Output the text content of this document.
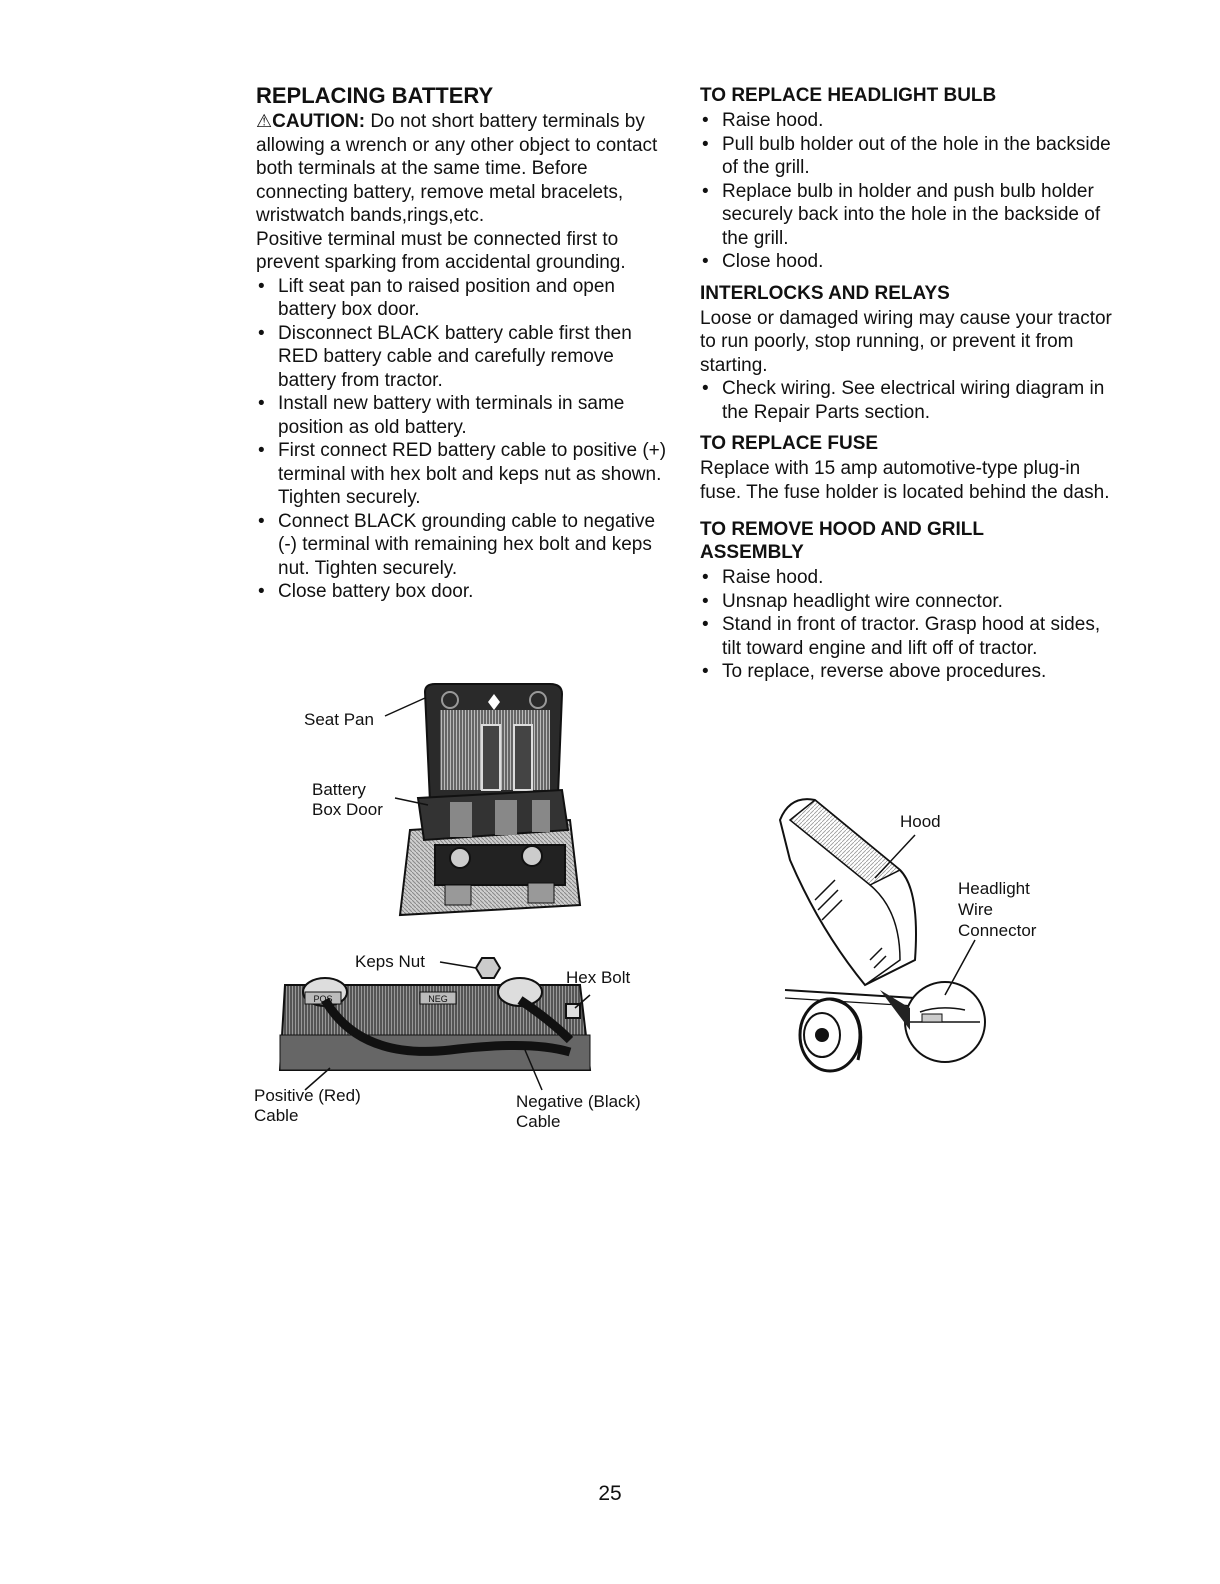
REPLACING BATTERY

⚠CAUTION: Do not short battery terminals by allowing a wrench or any other object to contact both terminals at the same time. Before connecting battery, remove metal bracelets, wristwatch bands,rings,etc.

Positive terminal must be connected first to prevent sparking from accidental grounding.

• Lift seat pan to raised position and open battery box door.
• Disconnect BLACK battery cable first then RED battery cable and carefully remove battery from tractor.
• Install new battery with terminals in same position as old battery.
• First connect RED battery cable to positive (+) terminal with hex bolt and keps nut as shown. Tighten securely.
• Connect BLACK grounding cable to negative (-) terminal with remaining hex bolt and keps nut. Tighten securely.
• Close battery box door.
TO REPLACE HEADLIGHT BULB
• Raise hood.
• Pull bulb holder out of the hole in the backside of the grill.
• Replace bulb in holder and push bulb holder securely back into the hole in the backside of the grill.
• Close hood.
INTERLOCKS AND RELAYS

Loose or damaged wiring may cause your tractor to run poorly, stop running, or prevent it from starting.

• Check wiring. See electrical wiring diagram in the Repair Parts section.
TO REPLACE FUSE

Replace with 15 amp automotive-type plug-in fuse. The fuse holder is located behind the dash.

TO REMOVE HOOD AND GRILL
ASSEMBLY
• Raise hood.
• Unsnap headlight wire connector.
• Stand in front of tractor. Grasp hood at sides, tilt toward engine and lift off of tractor.
• To replace, reverse above procedures.
Seat Pan
Battery
Box Door
POS	NEG
Keps Nut
Hex Bolt
Positive (Red)
Cable
Negative (Black)
Cable
Hood
Headlight
Wire
Connector
25
